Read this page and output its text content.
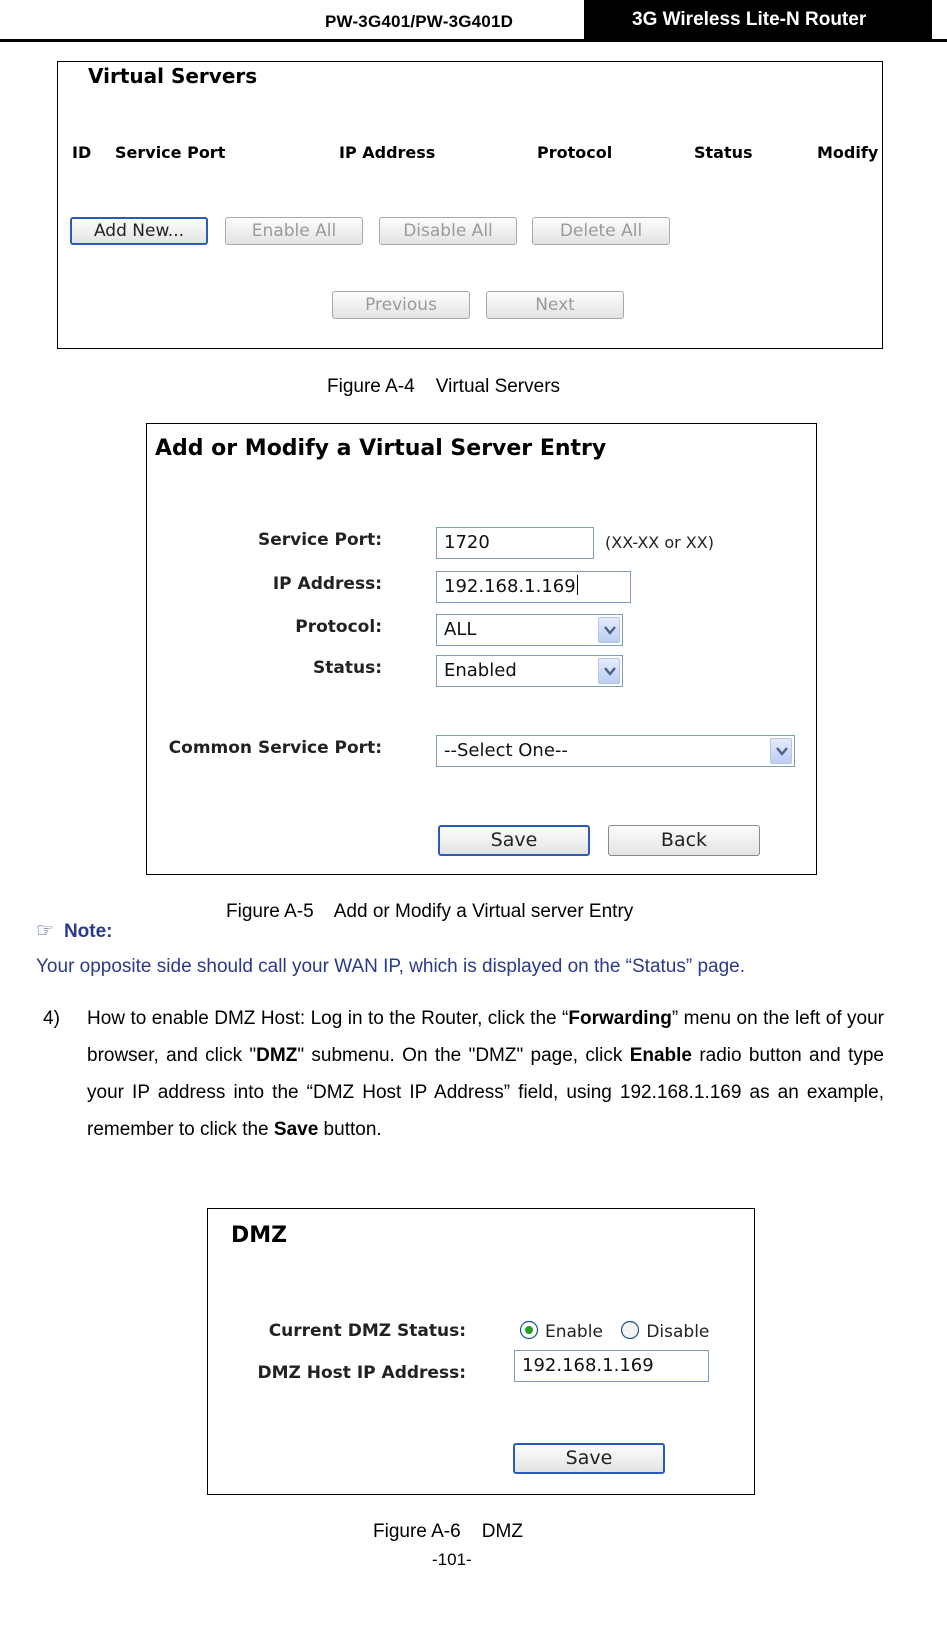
PW-3G401/PW-3G401D	3G Wireless Lite-N Router
Virtual Servers
ID Service Port	IP Address	Protocol	Status	Modify
Add New...	Enable All	Disable All	Delete All
Previous	Next
Figure A-4 Virtual Servers
Add or Modify a Virtual Server Entry
Service Port:	1720	(XX-XX or XX)
IP Address:	192.168.1.169
Protocol:	ALL
Status:	Enabled
Common Service Port:	--Select One--
Save	Back
Figure A-5 Add or Modify a Virtual server Entry
☞ Note:
Your opposite side should call your WAN IP, which is displayed on the “Status” page.
4) How to enable DMZ Host: Log in to the Router, click the “Forwarding” menu on the left of your browser, and click "DMZ" submenu. On the "DMZ" page, click Enable radio button and type your IP address into the “DMZ Host IP Address” field, using 192.168.1.169 as an example, remember to click the Save button.
DMZ
Current DMZ Status:	Enable	Disable
DMZ Host IP Address:	192.168.1.169
Save
Figure A-6 DMZ
-101-
